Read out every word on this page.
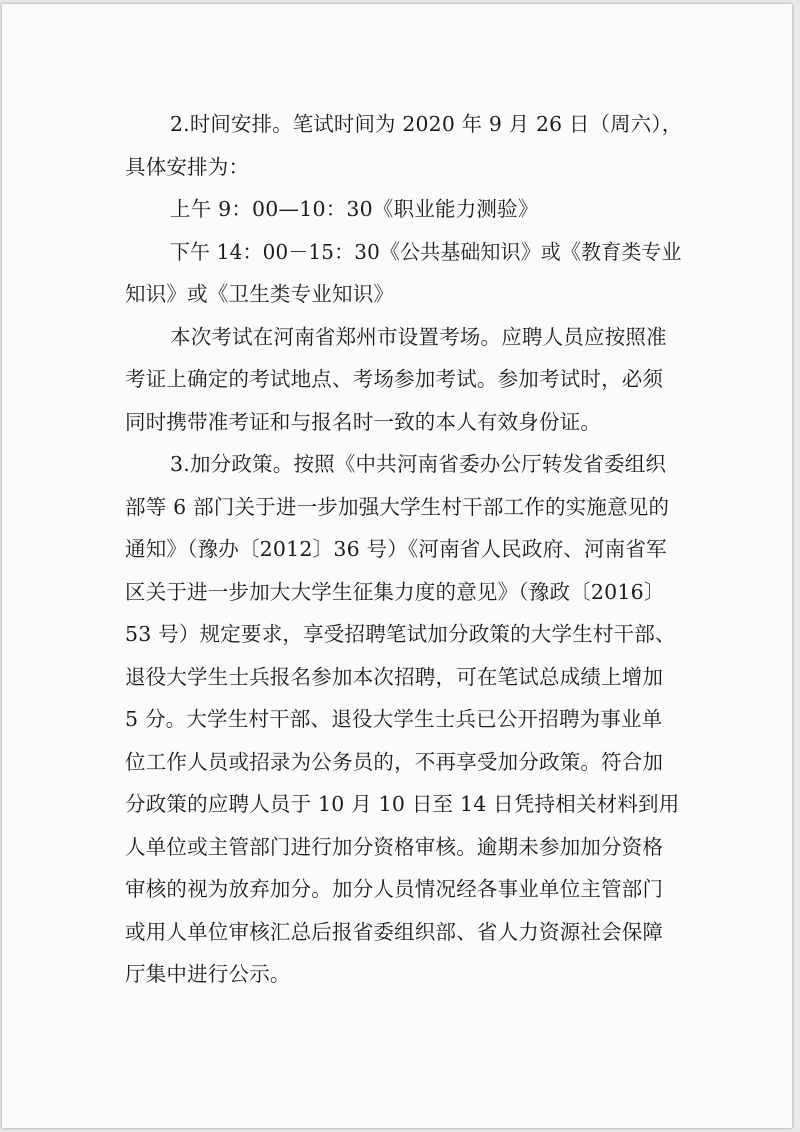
2.时间安排。笔试时间为 2020 年 9 月 26 日（周六），
具体安排为：
上午 9：00—10：30《职业能力测验》
下午 14：00－15：30《公共基础知识》或《教育类专业
知识》或《卫生类专业知识》
本次考试在河南省郑州市设置考场。应聘人员应按照准
考证上确定的考试地点、考场参加考试。参加考试时，必须
同时携带准考证和与报名时一致的本人有效身份证。
3.加分政策。按照《中共河南省委办公厅转发省委组织
部等 6 部门关于进一步加强大学生村干部工作的实施意见的
通知》（豫办〔2012〕36 号）《河南省人民政府、河南省军
区关于进一步加大大学生征集力度的意见》（豫政〔2016〕
53 号）规定要求，享受招聘笔试加分政策的大学生村干部、
退役大学生士兵报名参加本次招聘，可在笔试总成绩上增加
5 分。大学生村干部、退役大学生士兵已公开招聘为事业单
位工作人员或招录为公务员的，不再享受加分政策。符合加
分政策的应聘人员于 10 月 10 日至 14 日凭持相关材料到用
人单位或主管部门进行加分资格审核。逾期未参加加分资格
审核的视为放弃加分。加分人员情况经各事业单位主管部门
或用人单位审核汇总后报省委组织部、省人力资源社会保障
厅集中进行公示。
